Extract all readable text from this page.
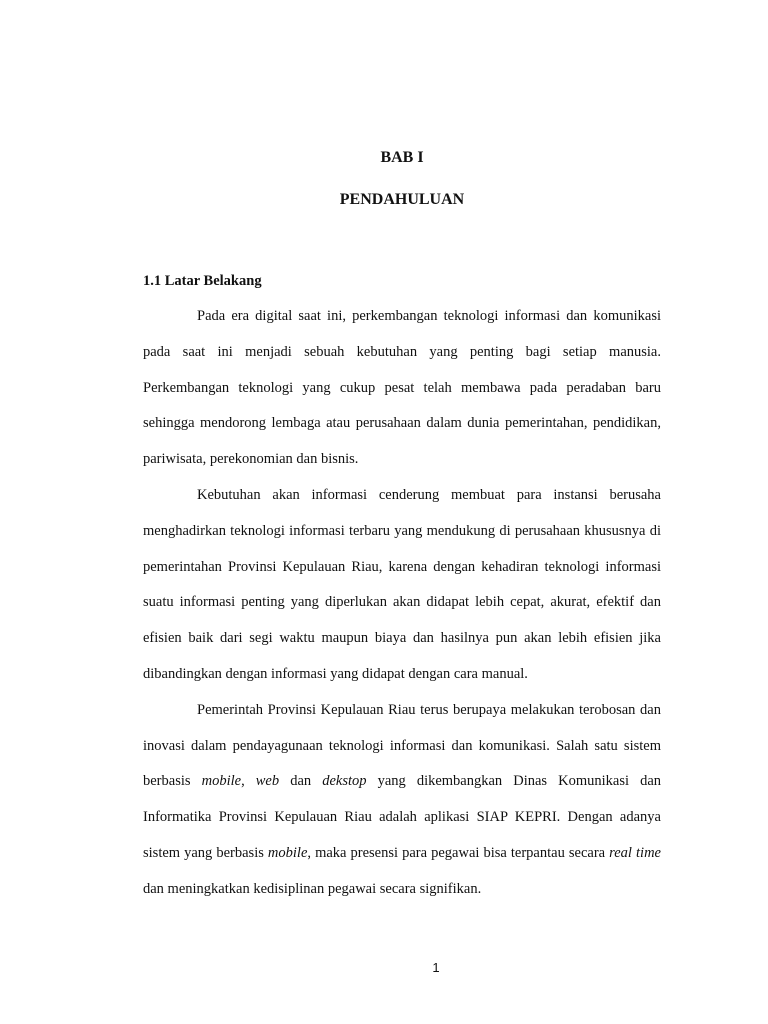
BAB I
PENDAHULUAN
1.1 Latar Belakang

Pada era digital saat ini, perkembangan teknologi informasi dan komunikasi pada saat ini menjadi sebuah kebutuhan yang penting bagi setiap manusia. Perkembangan teknologi yang cukup pesat telah membawa pada peradaban baru sehingga mendorong lembaga atau perusahaan dalam dunia pemerintahan, pendidikan, pariwisata, perekonomian dan bisnis.

Kebutuhan akan informasi cenderung membuat para instansi berusaha menghadirkan teknologi informasi terbaru yang mendukung di perusahaan khususnya di pemerintahan Provinsi Kepulauan Riau, karena dengan kehadiran teknologi informasi suatu informasi penting yang diperlukan akan didapat lebih cepat, akurat, efektif dan efisien baik dari segi waktu maupun biaya dan hasilnya pun akan lebih efisien jika dibandingkan dengan informasi yang didapat dengan cara manual.

Pemerintah Provinsi Kepulauan Riau terus berupaya melakukan terobosan dan inovasi dalam pendayagunaan teknologi informasi dan komunikasi. Salah satu sistem berbasis mobile, web dan dekstop yang dikembangkan Dinas Komunikasi dan Informatika Provinsi Kepulauan Riau adalah aplikasi SIAP KEPRI. Dengan adanya sistem yang berbasis mobile, maka presensi para pegawai bisa terpantau secara real time dan meningkatkan kedisiplinan pegawai secara signifikan.

1
